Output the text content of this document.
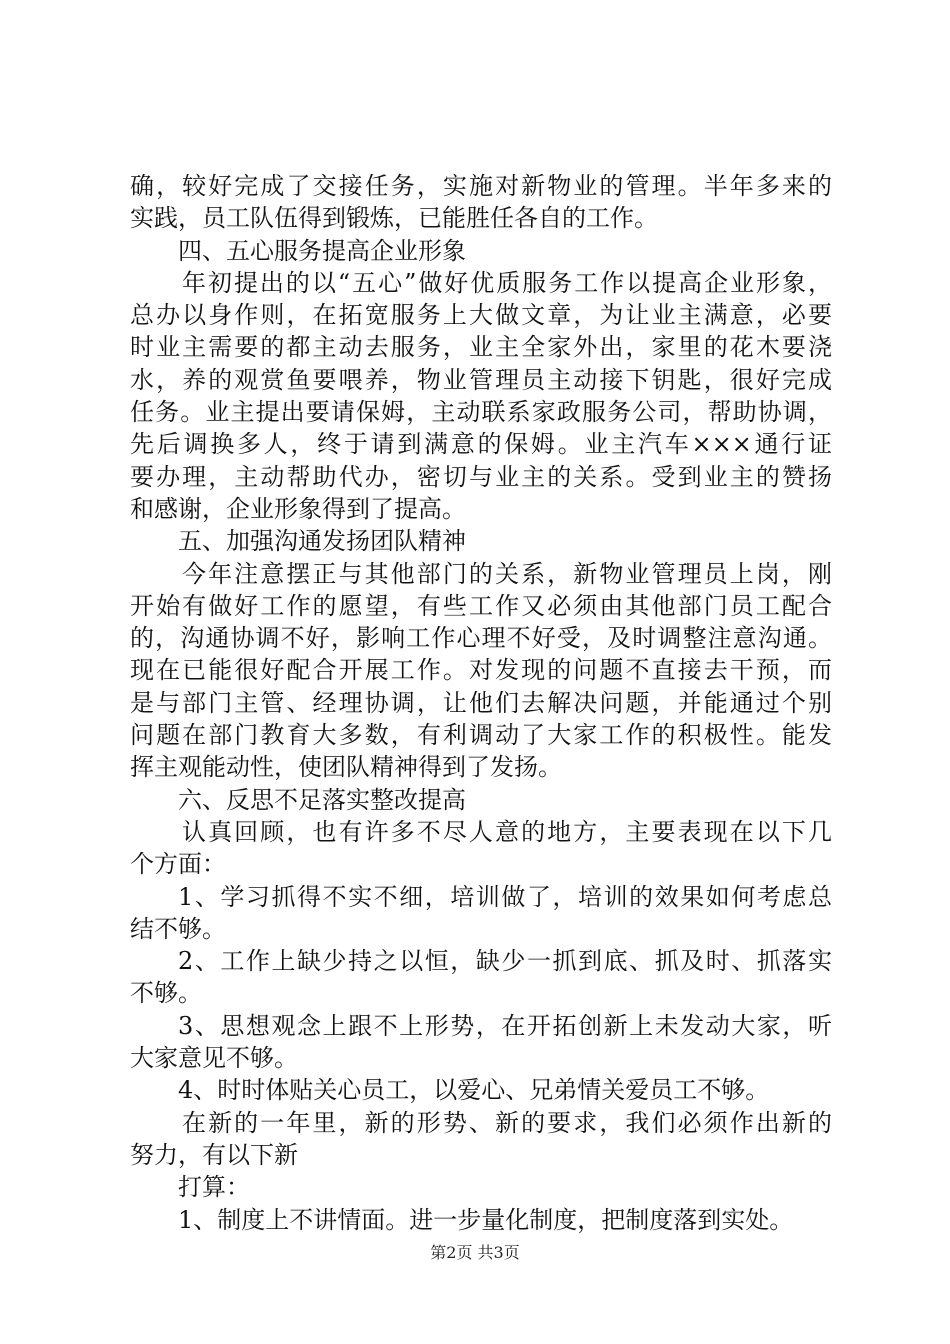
确，较好完成了交接任务，实施对新物业的管理。半年多来的
实践，员工队伍得到锻炼，已能胜任各自的工作。
四、五心服务提高企业形象
年初提出的以“五心”做好优质服务工作以提高企业形象，
总办以身作则，在拓宽服务上大做文章，为让业主满意，必要
时业主需要的都主动去服务，业主全家外出，家里的花木要浇
水，养的观赏鱼要喂养，物业管理员主动接下钥匙，很好完成
任务。业主提出要请保姆，主动联系家政服务公司，帮助协调，
先后调换多人，终于请到满意的保姆。业主汽车×××通行证
要办理，主动帮助代办，密切与业主的关系。受到业主的赞扬
和感谢，企业形象得到了提高。
五、加强沟通发扬团队精神
今年注意摆正与其他部门的关系，新物业管理员上岗，刚
开始有做好工作的愿望，有些工作又必须由其他部门员工配合
的，沟通协调不好，影响工作心理不好受，及时调整注意沟通。
现在已能很好配合开展工作。对发现的问题不直接去干预，而
是与部门主管、经理协调，让他们去解决问题，并能通过个别
问题在部门教育大多数，有利调动了大家工作的积极性。能发
挥主观能动性，使团队精神得到了发扬。
六、反思不足落实整改提高
认真回顾，也有许多不尽人意的地方，主要表现在以下几
个方面：
1、学习抓得不实不细，培训做了，培训的效果如何考虑总
结不够。
2、工作上缺少持之以恒，缺少一抓到底、抓及时、抓落实
不够。
3、思想观念上跟不上形势，在开拓创新上未发动大家，听
大家意见不够。
4、时时体贴关心员工，以爱心、兄弟情关爱员工不够。
在新的一年里，新的形势、新的要求，我们必须作出新的
努力，有以下新
打算：
1、制度上不讲情面。进一步量化制度，把制度落到实处。
第2页 共3页
